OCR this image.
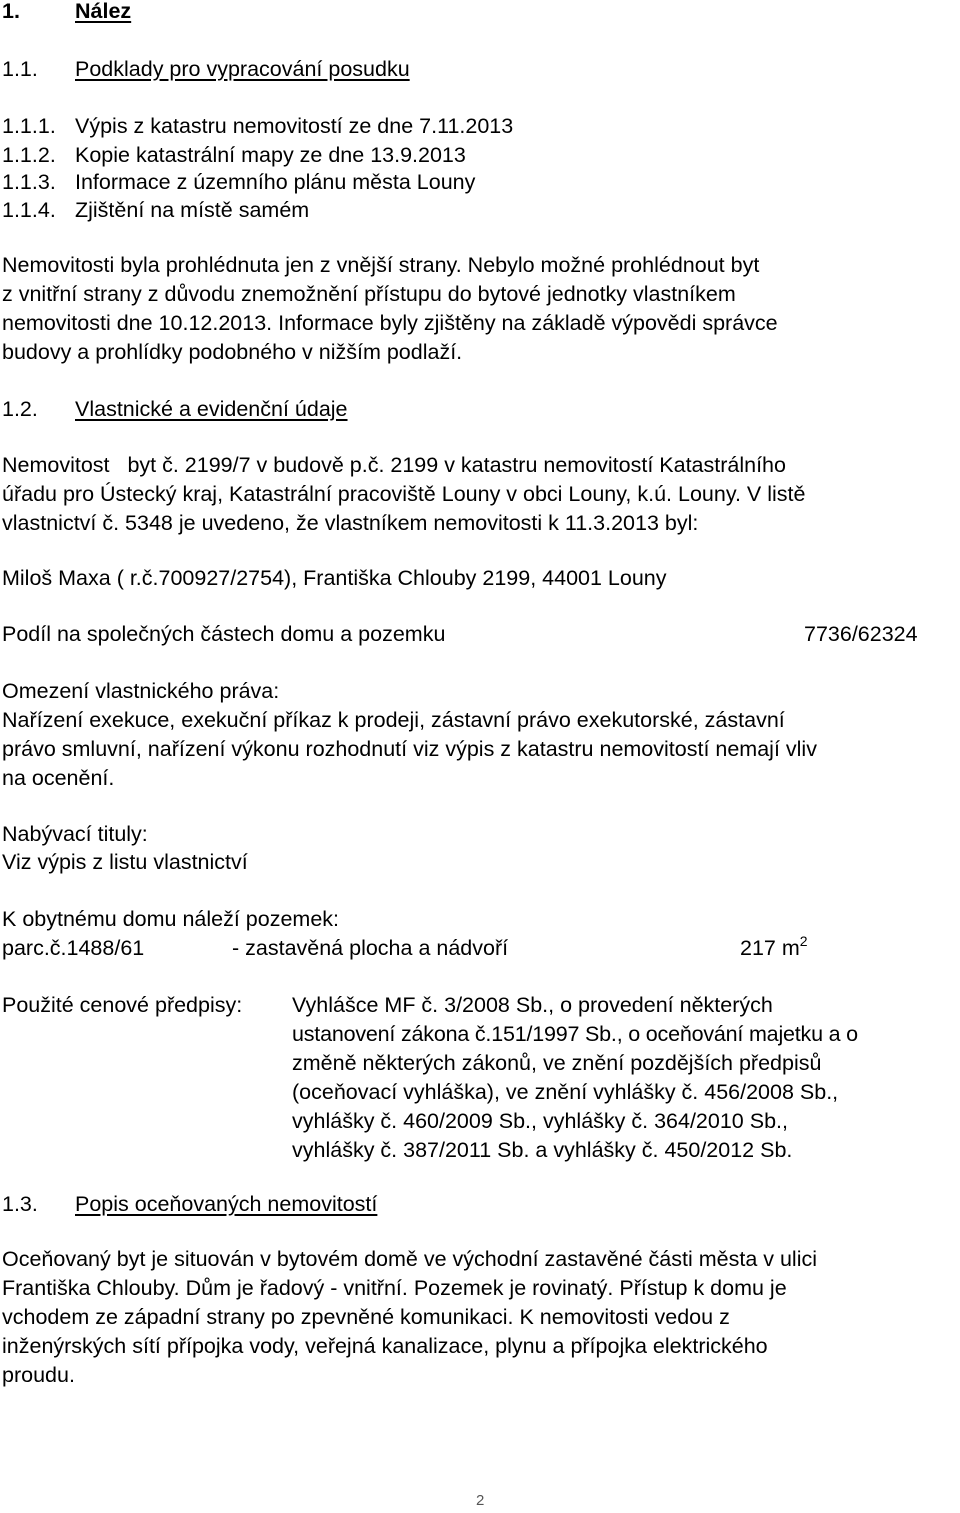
1.	Nález
1.1. Podklady pro vypracování posudku
1.1.1. Výpis z katastru nemovitostí ze dne 7.11.2013
1.1.2. Kopie katastrální mapy ze dne 13.9.2013
1.1.3. Informace z územního plánu města Louny
1.1.4. Zjištění na místě samém
Nemovitosti byla prohlédnuta jen z vnější strany. Nebylo možné prohlédnout byt
z vnitřní strany z důvodu znemožnění přístupu do bytové jednotky vlastníkem
nemovitosti dne 10.12.2013. Informace byly zjištěny na základě výpovědi správce
budovy a prohlídky podobného v nižším podlaží.
1.2. Vlastnické a evidenční údaje
Nemovitost   byt č. 2199/7 v budově p.č. 2199 v katastru nemovitostí Katastrálního
úřadu pro Ústecký kraj, Katastrální pracoviště Louny v obci Louny, k.ú. Louny. V listě
vlastnictví č. 5348 je uvedeno, že vlastníkem nemovitosti k 11.3.2013 byl:
Miloš Maxa ( r.č.700927/2754), Františka Chlouby 2199, 44001 Louny
Podíl na společných částech domu a pozemku	7736/62324
Omezení vlastnického práva:
Nařízení exekuce, exekuční příkaz k prodeji, zástavní právo exekutorské, zástavní
právo smluvní, nařízení výkonu rozhodnutí viz výpis z katastru nemovitostí nemají vliv
na ocenění.
Nabývací tituly:
Viz výpis z listu vlastnictví
K obytnému domu náleží pozemek:
parc.č.1488/61	- zastavěná plocha a nádvoří	217 $m^2$
Použité cenové předpisy: Vyhlášce MF č. 3/2008 Sb., o provedení některých
ustanovení zákona č.151/1997 Sb., o oceňování majetku a o
změně některých zákonů, ve znění pozdějších předpisů
(oceňovací vyhláška), ve znění vyhlášky č. 456/2008 Sb.,
vyhlášky č. 460/2009 Sb., vyhlášky č. 364/2010 Sb.,
vyhlášky č. 387/2011 Sb. a vyhlášky č. 450/2012 Sb.
1.3. Popis oceňovaných nemovitostí
Oceňovaný byt je situován v bytovém domě ve východní zastavěné části města v ulici
Františka Chlouby. Dům je řadový - vnitřní. Pozemek je rovinatý. Přístup k domu je
vchodem ze západní strany po zpevněné komunikaci. K nemovitosti vedou z
inženýrských sítí přípojka vody, veřejná kanalizace, plynu a přípojka elektrického
proudu.
2
